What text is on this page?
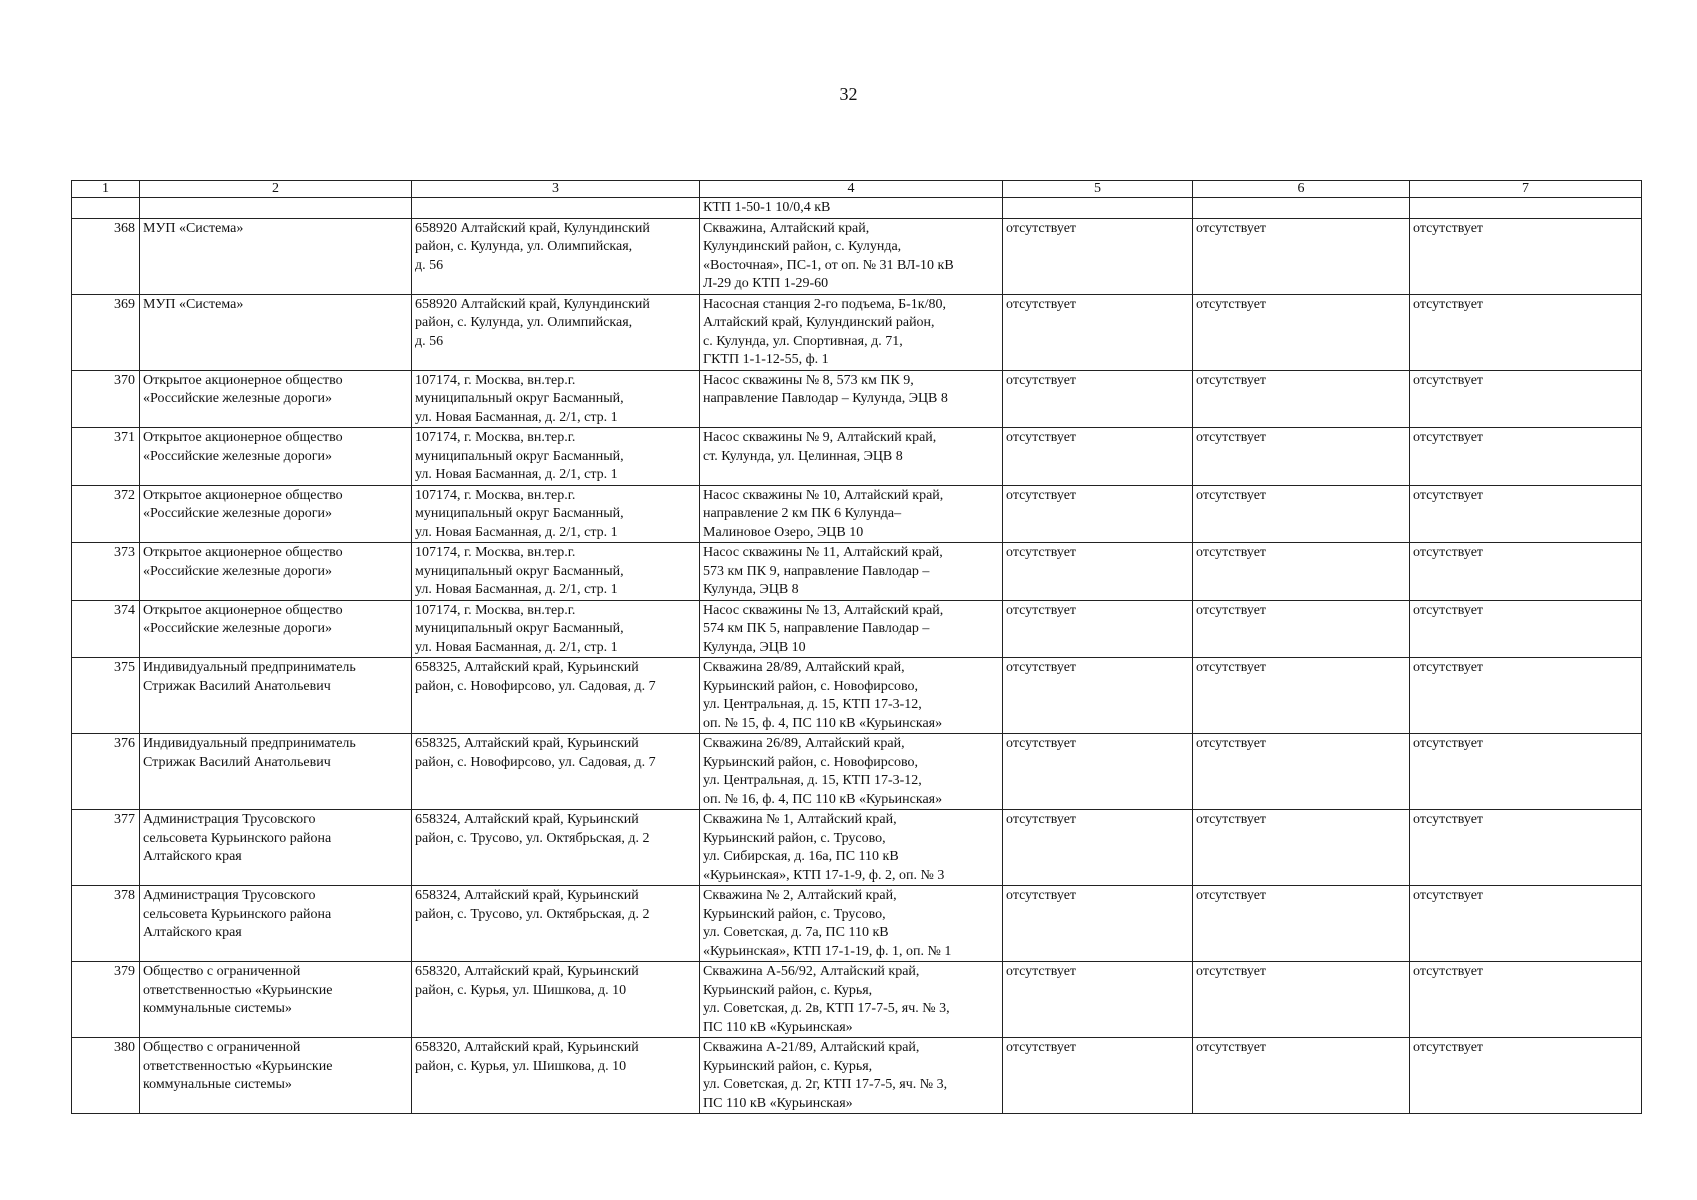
32
1	2	3	4	5	6	7
			КТП 1-50-1 10/0,4 кВ			
368	МУП «Система»	658920 Алтайский край, Кулундинский
район, с. Кулунда, ул. Олимпийская,
д. 56	Скважина, Алтайский край,
Кулундинский район, с. Кулунда,
«Восточная», ПС-1, от оп. № 31 ВЛ-10 кВ
Л-29 до КТП 1-29-60	отсутствует	отсутствует	отсутствует
369	МУП «Система»	658920 Алтайский край, Кулундинский
район, с. Кулунда, ул. Олимпийская,
д. 56	Насосная станция 2-го подъема, Б-1к/80,
Алтайский край, Кулундинский район,
с. Кулунда, ул. Спортивная, д. 71,
ГКТП 1-1-12-55, ф. 1	отсутствует	отсутствует	отсутствует
370	Открытое акционерное общество
«Российские железные дороги»	107174, г. Москва, вн.тер.г.
муниципальный округ Басманный,
ул. Новая Басманная, д. 2/1, стр. 1	Насос скважины № 8, 573 км ПК 9,
направление Павлодар – Кулунда, ЭЦВ 8	отсутствует	отсутствует	отсутствует
371	Открытое акционерное общество
«Российские железные дороги»	107174, г. Москва, вн.тер.г.
муниципальный округ Басманный,
ул. Новая Басманная, д. 2/1, стр. 1	Насос скважины № 9, Алтайский край,
ст. Кулунда, ул. Целинная, ЭЦВ 8	отсутствует	отсутствует	отсутствует
372	Открытое акционерное общество
«Российские железные дороги»	107174, г. Москва, вн.тер.г.
муниципальный округ Басманный,
ул. Новая Басманная, д. 2/1, стр. 1	Насос скважины № 10, Алтайский край,
направление 2 км ПК 6 Кулунда–
Малиновое Озеро, ЭЦВ 10	отсутствует	отсутствует	отсутствует
373	Открытое акционерное общество
«Российские железные дороги»	107174, г. Москва, вн.тер.г.
муниципальный округ Басманный,
ул. Новая Басманная, д. 2/1, стр. 1	Насос скважины № 11, Алтайский край,
573 км ПК 9, направление Павлодар –
Кулунда, ЭЦВ 8	отсутствует	отсутствует	отсутствует
374	Открытое акционерное общество
«Российские железные дороги»	107174, г. Москва, вн.тер.г.
муниципальный округ Басманный,
ул. Новая Басманная, д. 2/1, стр. 1	Насос скважины № 13, Алтайский край,
574 км ПК 5, направление Павлодар –
Кулунда, ЭЦВ 10	отсутствует	отсутствует	отсутствует
375	Индивидуальный предприниматель
Стрижак Василий Анатольевич	658325, Алтайский край, Курьинский
район, с. Новофирсово, ул. Садовая, д. 7	Скважина 28/89, Алтайский край,
Курьинский район, с. Новофирсово,
ул. Центральная, д. 15, КТП 17-3-12,
оп. № 15, ф. 4, ПС 110 кВ «Курьинская»	отсутствует	отсутствует	отсутствует
376	Индивидуальный предприниматель
Стрижак Василий Анатольевич	658325, Алтайский край, Курьинский
район, с. Новофирсово, ул. Садовая, д. 7	Скважина 26/89, Алтайский край,
Курьинский район, с. Новофирсово,
ул. Центральная, д. 15, КТП 17-3-12,
оп. № 16, ф. 4, ПС 110 кВ «Курьинская»	отсутствует	отсутствует	отсутствует
377	Администрация Трусовского
сельсовета Курьинского района
Алтайского края	658324, Алтайский край, Курьинский
район, с. Трусово, ул. Октябрьская, д. 2	Скважина № 1, Алтайский край,
Курьинский район, с. Трусово,
ул. Сибирская, д. 16а, ПС 110 кВ
«Курьинская», КТП 17-1-9, ф. 2, оп. № 3	отсутствует	отсутствует	отсутствует
378	Администрация Трусовского
сельсовета Курьинского района
Алтайского края	658324, Алтайский край, Курьинский
район, с. Трусово, ул. Октябрьская, д. 2	Скважина № 2, Алтайский край,
Курьинский район, с. Трусово,
ул. Советская, д. 7а, ПС 110 кВ
«Курьинская», КТП 17-1-19, ф. 1, оп. № 1	отсутствует	отсутствует	отсутствует
379	Общество с ограниченной
ответственностью «Курьинские
коммунальные системы»	658320, Алтайский край, Курьинский
район, с. Курья, ул. Шишкова, д. 10	Скважина А-56/92, Алтайский край,
Курьинский район, с. Курья,
ул. Советская, д. 2в, КТП 17-7-5, яч. № 3,
ПС 110 кВ «Курьинская»	отсутствует	отсутствует	отсутствует
380	Общество с ограниченной
ответственностью «Курьинские
коммунальные системы»	658320, Алтайский край, Курьинский
район, с. Курья, ул. Шишкова, д. 10	Скважина А-21/89, Алтайский край,
Курьинский район, с. Курья,
ул. Советская, д. 2г, КТП 17-7-5, яч. № 3,
ПС 110 кВ «Курьинская»	отсутствует	отсутствует	отсутствует
